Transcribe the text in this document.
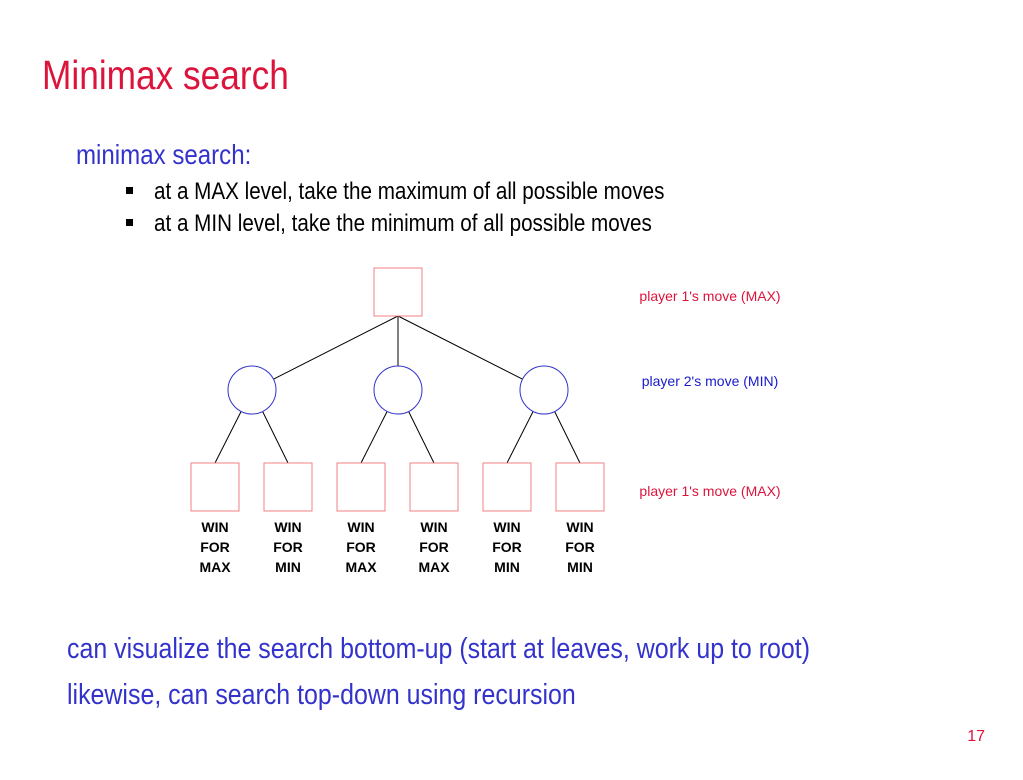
Minimax search
minimax search:
at a MAX level, take the maximum of all possible moves
at a MIN level, take the minimum of all possible moves
WIN
FOR
MAX
WIN
FOR
MIN
WIN
FOR
MAX
WIN
FOR
MAX
WIN
FOR
MIN
WIN
FOR
MIN
player 1's move (MAX)
player 2's move (MIN)
player 1's move (MAX)
can visualize the search bottom-up (start at leaves, work up to root)
likewise, can search top-down using recursion
17
